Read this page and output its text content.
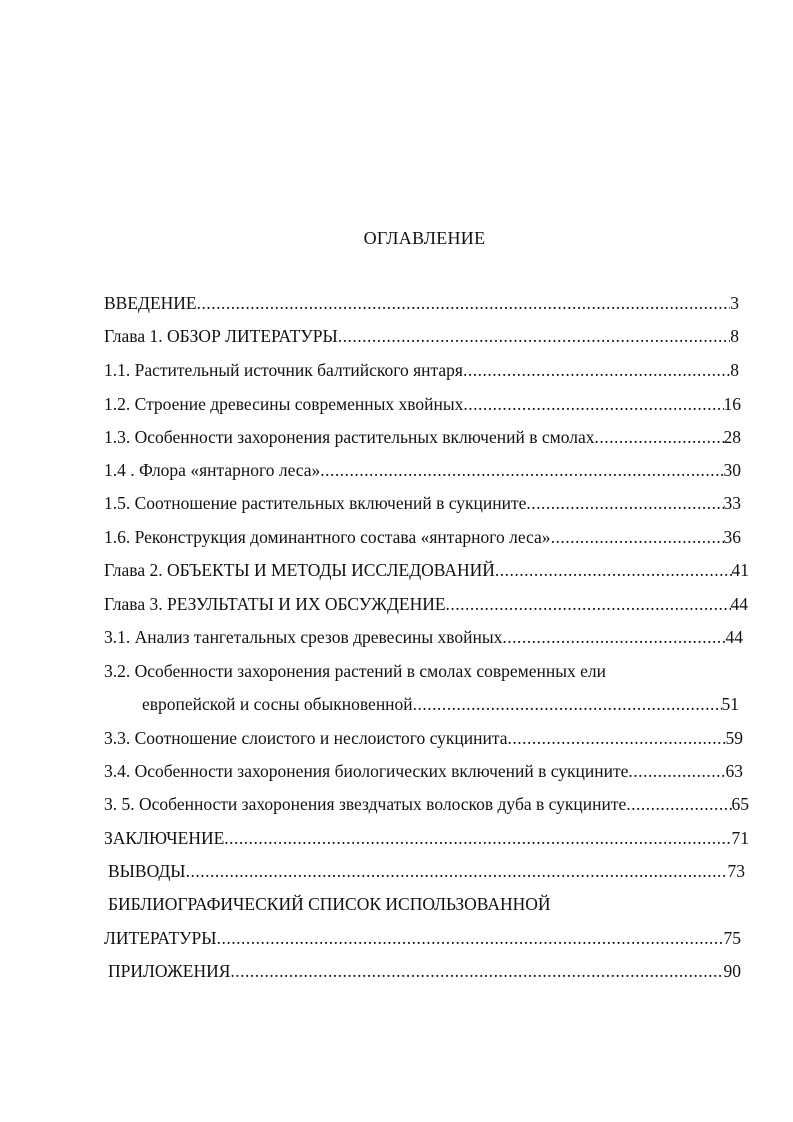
ОГЛАВЛЕНИЕ
ВВЕДЕНИЕ .....	3
Глава 1. ОБЗОР ЛИТЕРАТУРЫ .....	8
1.1. Растительный источник балтийского янтаря .....	8
1.2. Строение древесины современных хвойных .....	16
1.3. Особенности захоронения растительных включений в смолах .....	28
1.4 . Флора «янтарного леса» .....	30
1.5. Соотношение растительных включений в сукцините .....	33
1.6. Реконструкция доминантного состава «янтарного леса» .....	36
Глава 2. ОБЪЕКТЫ И МЕТОДЫ ИССЛЕДОВАНИЙ .....	41
Глава 3. РЕЗУЛЬТАТЫ И ИХ ОБСУЖДЕНИЕ .....	44
3.1. Анализ тангетальных срезов древесины хвойных .....	44
3.2. Особенности захоронения растений в смолах современных ели
европейской и сосны обыкновенной .....	51
3.3. Соотношение слоистого и неслоистого сукцинита .....	59
3.4. Особенности захоронения биологических включений в сукцините .....	63
3. 5. Особенности захоронения звездчатых волосков дуба в сукцините .....	65
ЗАКЛЮЧЕНИЕ .....	71
ВЫВОДЫ .....	73
БИБЛИОГРАФИЧЕСКИЙ СПИСОК ИСПОЛЬЗОВАННОЙ
ЛИТЕРАТУРЫ .....	75
ПРИЛОЖЕНИЯ .....	90
